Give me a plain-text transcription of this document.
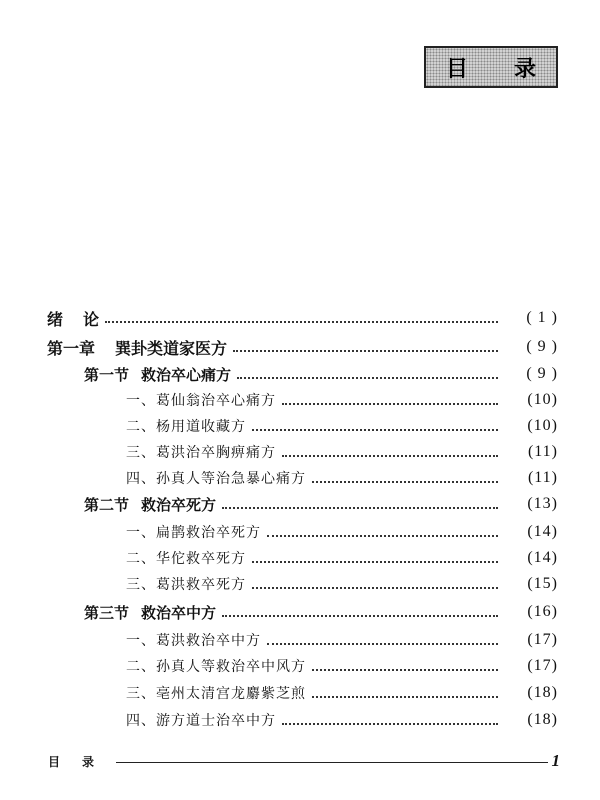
目 录
绪 论	( 1 )
第一章 巽卦类道家医方	( 9 )
第一节 救治卒心痛方	( 9 )
一、葛仙翁治卒心痛方	(10)
二、杨用道收藏方	(10)
三、葛洪治卒胸痹痛方	(11)
四、孙真人等治急暴心痛方	(11)
第二节 救治卒死方	(13)
一、扁鹊救治卒死方	(14)
二、华佗救卒死方	(14)
三、葛洪救卒死方	(15)
第三节 救治卒中方	(16)
一、葛洪救治卒中方	(17)
二、孙真人等救治卒中风方	(17)
三、亳州太清宫龙麝紫芝煎	(18)
四、游方道士治卒中方	(18)
目录	1
